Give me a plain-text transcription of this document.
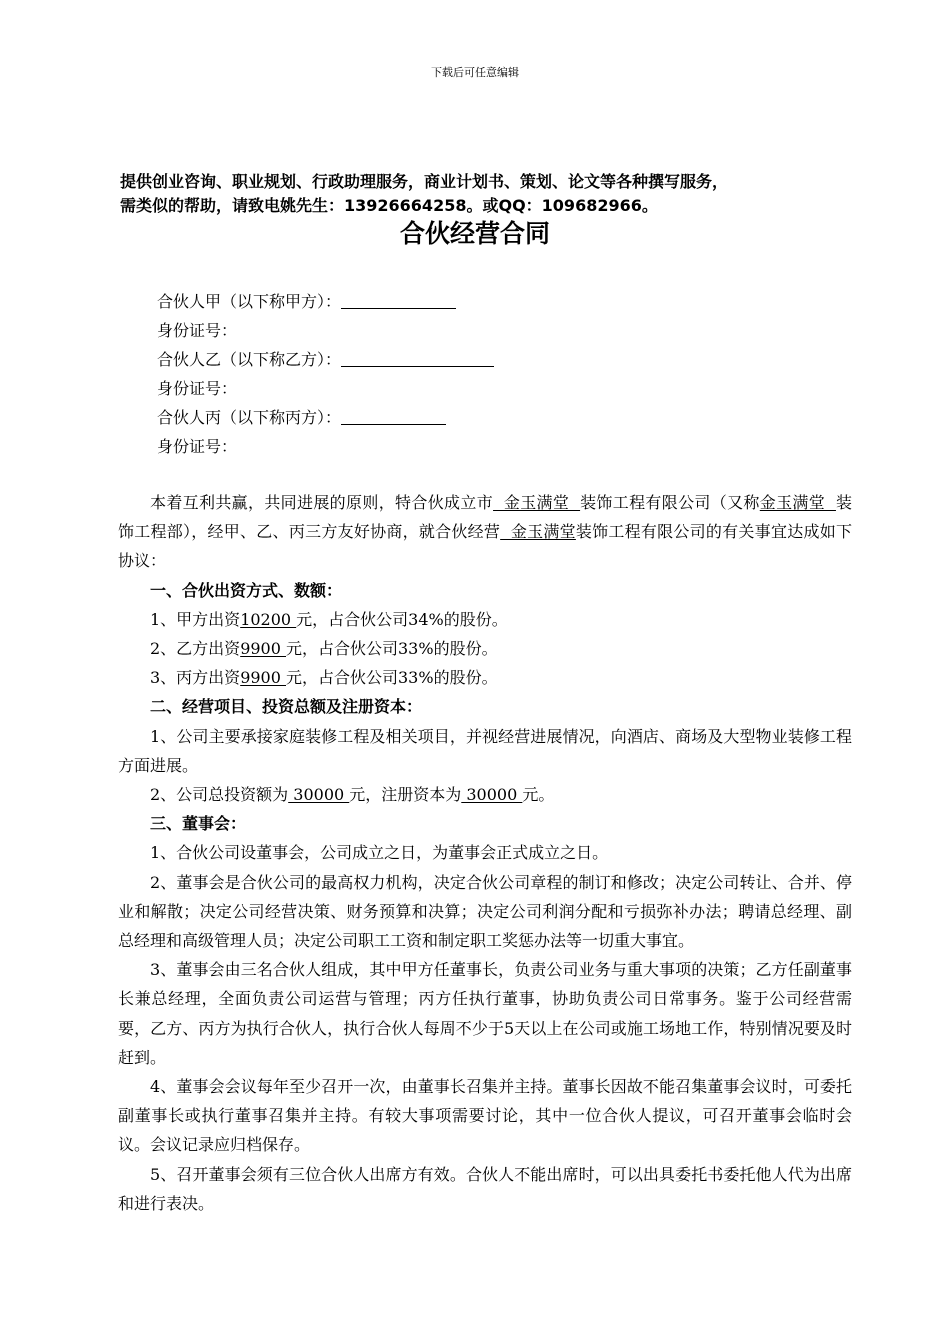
下载后可任意编辑
提供创业咨询、职业规划、行政助理服务，商业计划书、策划、论文等各种撰写服务，
需类似的帮助，请致电姚先生：13926664258。或QQ：109682966。
合伙经营合同
合伙人甲（以下称甲方）：
身份证号：
合伙人乙（以下称乙方）：
身份证号：
合伙人丙（以下称丙方）：
身份证号：

本着互利共赢，共同进展的原则，特合伙成立市  金玉满堂  装饰工程有限公司（又称金玉满堂  装饰工程部），经甲、乙、丙三方友好协商，就合伙经营  金玉满堂装饰工程有限公司的有关事宜达成如下协议：

一、合伙出资方式、数额：

1、甲方出资10200 元，占合伙公司34%的股份。

2、乙方出资9900 元，占合伙公司33%的股份。

3、丙方出资9900 元，占合伙公司33%的股份。

二、经营项目、投资总额及注册资本：

1、公司主要承接家庭装修工程及相关项目，并视经营进展情况，向酒店、商场及大型物业装修工程方面进展。

2、公司总投资额为 30000 元，注册资本为 30000 元。

三、董事会：

1、合伙公司设董事会，公司成立之日，为董事会正式成立之日。

2、董事会是合伙公司的最高权力机构，决定合伙公司章程的制订和修改；决定公司转让、合并、停业和解散；决定公司经营决策、财务预算和决算；决定公司利润分配和亏损弥补办法；聘请总经理、副总经理和高级管理人员；决定公司职工工资和制定职工奖惩办法等一切重大事宜。

3、董事会由三名合伙人组成，其中甲方任董事长，负责公司业务与重大事项的决策；乙方任副董事长兼总经理，全面负责公司运营与管理；丙方任执行董事，协助负责公司日常事务。鉴于公司经营需要，乙方、丙方为执行合伙人，执行合伙人每周不少于5天以上在公司或施工场地工作，特别情况要及时赶到。

4、董事会会议每年至少召开一次，由董事长召集并主持。董事长因故不能召集董事会议时，可委托副董事长或执行董事召集并主持。有较大事项需要讨论，其中一位合伙人提议，可召开董事会临时会议。会议记录应归档保存。

5、召开董事会须有三位合伙人出席方有效。合伙人不能出席时，可以出具委托书委托他人代为出席和进行表决。
